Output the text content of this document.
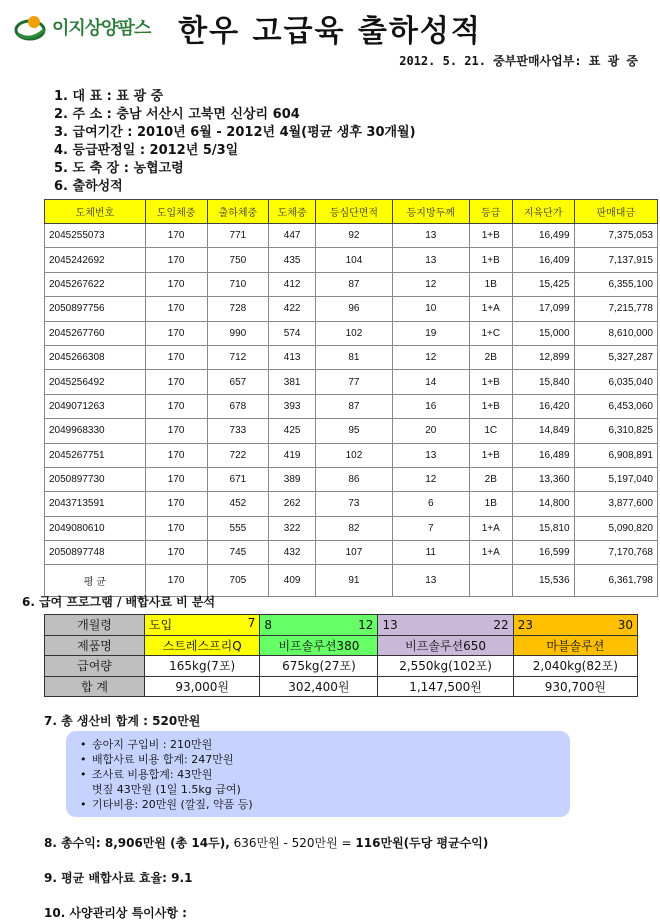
이지상양팜스 한우 고급육 출하성적
2012. 5. 21. 중부판매사업부: 표 광 중
1. 대 표 : 표 광 중
2. 주 소 : 충남 서산시 고북면 신상리 604
3. 급여기간 : 2010년 6월 - 2012년 4월(평균 생후 30개월)
4. 등급판정일 : 2012년 5/3일
5. 도 축 장 : 농협고령
6. 출하성적
도체번호	도입체중	출하체중	도체중	등심단면적	등지방두께	등급	지육단가	판매대금
2045255073	170	771	447	92	13	1+B	16,499	7,375,053
2045242692	170	750	435	104	13	1+B	16,409	7,137,915
2045267622	170	710	412	87	12	1B	15,425	6,355,100
2050897756	170	728	422	96	10	1+A	17,099	7,215,778
2045267760	170	990	574	102	19	1+C	15,000	8,610,000
2045266308	170	712	413	81	12	2B	12,899	5,327,287
2045256492	170	657	381	77	14	1+B	15,840	6,035,040
2049071263	170	678	393	87	16	1+B	16,420	6,453,060
2049968330	170	733	425	95	20	1C	14,849	6,310,825
2045267751	170	722	419	102	13	1+B	16,489	6,908,891
2050897730	170	671	389	86	12	2B	13,360	5,197,040
2043713591	170	452	262	73	6	1B	14,800	3,877,600
2049080610	170	555	322	82	7	1+A	15,810	5,090,820
2050897748	170	745	432	107	11	1+A	16,599	7,170,768
평 균	170	705	409	91	13		15,536	6,361,798
6. 급여 프로그램 / 배합사료 비 분석
개월령	도입 7	8 12	13 22	23 30

제품명	스트레스프리Q	비프솔루션380	비프솔루션650	마블솔루션
급여량	165kg(7포)	675kg(27포)	2,550kg(102포)	2,040kg(82포)
합 계	93,000원	302,400원	1,147,500원	930,700원
7. 총 생산비 합계 : 520만원
• 송아지 구입비 : 210만원
• 배합사료 비용 합계: 247만원
• 조사료 비용합계: 43만원
볏짚 43만원 (1일 1.5kg 급여)
• 기타비용: 20만원 (깔짚, 약품 등)
8. 총수익: 8,906만원 (총 14두), 636만원 - 520만원 = 116만원(두당 평균수익)
9. 평균 배합사료 효율: 9.1
10. 사양관리상 특이사항 :
